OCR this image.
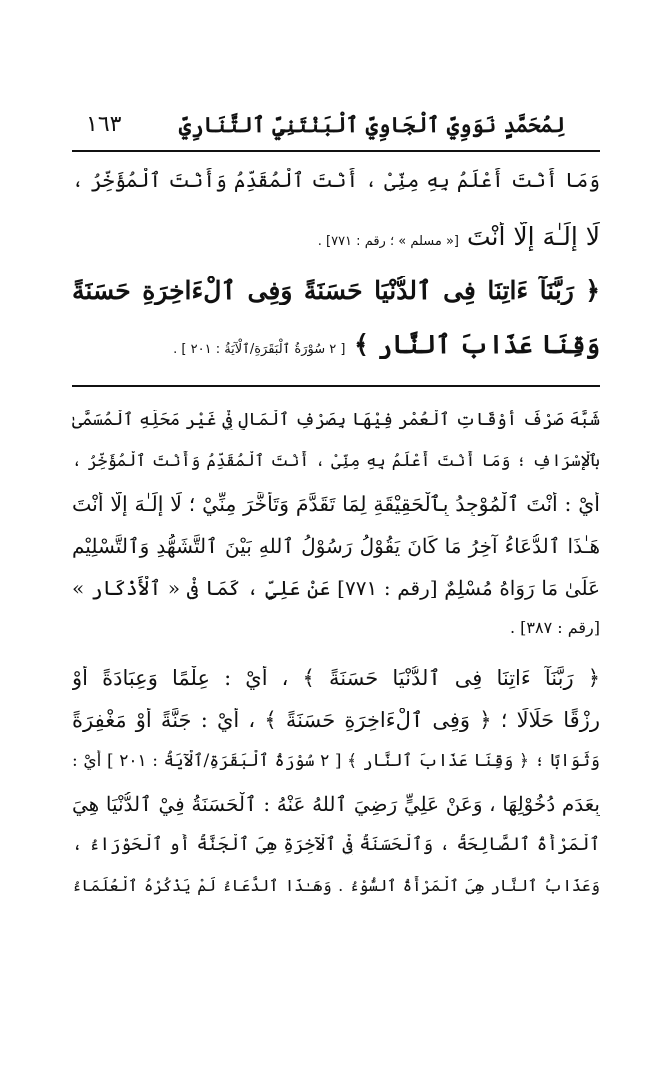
لِمُحَمَّدٍ نَوَوِيّ ٱلْجَاوِيِّ ٱلْبَنْتَنِيِّ ٱلتَّنَارِيِّ
١٦٣
وَمَا أَنْتَ أَعْلَمُ بِهِ مِنِّيْ ، أَنْتَ ٱلْمُقَدِّمُ وَأَنْتَ ٱلْمُؤَخِّرُ ،
لَا إِلَـٰهَ إِلَّا أَنْتَ [« مسلم » ؛ رقم : ٧٧١] .
﴿ رَبَّنَآ ءَاتِنَا فِى ٱلدُّنْيَا حَسَنَةً وَفِى ٱلْءَاخِرَةِ حَسَنَةً
وَقِنَا عَذَابَ ٱلنَّارِ ﴾ [ ٢ سُوْرَةُ ٱلْبَقَرَةِ/ٱلْآيَةُ : ٢٠١ ] .
شَبَّهَ صَرْفَ أَوْقَاتِ ٱلْعُمْرِ فِيْهَا بِصَرْفِ ٱلْمَالِ فِيْ غَيْرِ مَحَلِّهِ ٱلْمُسَمَّىٰ
بِٱلْإِسْرَافِ ؛ وَمَا أَنْتَ أَعْلَمُ بِهِ مِنِّيْ ، أَنْتَ ٱلْمُقَدِّمُ وَأَنْتَ ٱلْمُؤَخِّرُ ،
أَيْ : أَنْتَ ٱلْمُوْجِدُ بِٱلْحَقِيْقَةِ لِمَا تَقَدَّمَ وَتَأَخَّرَ مِنِّيْ ؛ لَا إِلَـٰهَ إِلَّا أَنْتَ
هَـٰذَا ٱلدُّعَاءُ آخِرُ مَا كَانَ يَقُوْلُ رَسُوْلُ ٱللهِ بَيْنَ ٱلتَّشَهُّدِ وَٱلتَّسْلِيْمِ
عَلَىٰ مَا رَوَاهُ مُسْلِمٌ [رقم : ٧٧١] عَنْ عَلِيٍّ ، كَمَا فِيْ « ٱلْأَذْكَارِ »
[رقم : ٣٨٧] .
﴿ رَبَّنَآ ءَاتِنَا فِى ٱلدُّنْيَا حَسَنَةً ﴾ ، أَيْ : عِلْمًا وَعِبَادَةً أَوْ
رِزْقًا حَلَالًا ؛ ﴿ وَفِى ٱلْءَاخِرَةِ حَسَنَةً ﴾ ، أَيْ : جَنَّةً أَوْ مَغْفِرَةً
وَثَوَابًا ؛ ﴿ وَقِنَا عَذَابَ ٱلنَّارِ ﴾ [ ٢ سُوْرَةُ ٱلْبَقَرَةِ/ٱلْآيَةُ : ٢٠١ ] أَيْ :
بِعَدَمِ دُخُوْلِهَا ، وَعَنْ عَلِيٍّ رَضِيَ ٱللهُ عَنْهُ : ٱلْحَسَنَةُ فِيْ ٱلدُّنْيَا هِيَ
ٱلْمَرْأَةُ ٱلصَّالِحَةُ ، وَٱلْحَسَنَةُ فِيْ ٱلْآخِرَةِ هِيَ ٱلْجَنَّةُ أَوِ ٱلْحَوْرَاءُ ،
وَعَذَابُ ٱلنَّارِ هِيَ ٱلْمَرْأَةُ ٱلسُّوْءُ . وَهَـٰذَا ٱلدُّعَاءُ لَمْ يَذْكُرْهُ ٱلْعُلَمَاءُ
